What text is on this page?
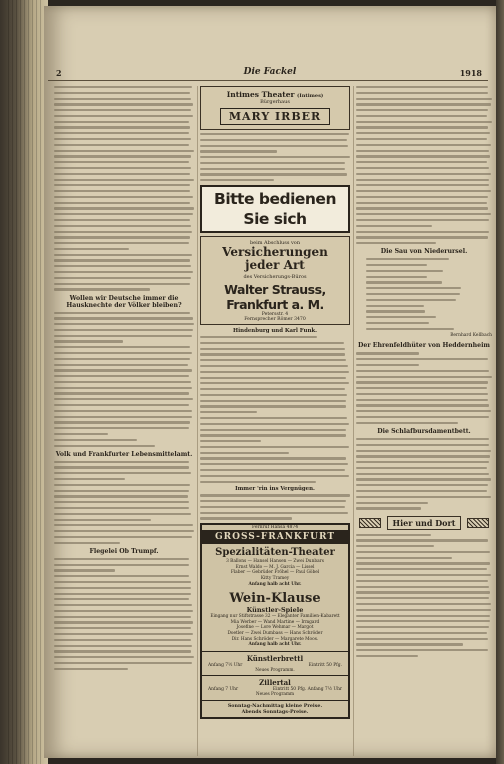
2	Die Fackel	1918
Wollen wir Deutsche immer die Hausknechte der Völker bleiben?
Volk und Frankfurter Lebensmittelamt.
Flegelei Ob Trumpf.
Intimes Theater (Intimes)
Bürgerhaus
MARY IRBER
Bitte bedienen Sie sich
beim Abschluss von
Versicherungen
jeder Art
des Versicherungs-Büros
Walter Strauss, Frankfurt a. M.
Petersstr. 4
Fernsprecher Römer 3470
Hindenburg und Karl Funk.
Immer 'rin ins Vergnügen.
Fernruf Hansa 4874
GROSS-FRANKFURT
Spezialitäten-Theater
3 Ballons — Hansel Hansen — Zwei Dunbars
Ernst Waldo — M. J. Garcia — Lissel
Flaber — Gebrüder Fröhel — Paul Göbel
Kitty Tramey
Anfang halb acht Uhr.
Wein-Klause
Künstler-Spiele
Eingang nur Stiftstrasse 32 — Eleganter Familien-Kabarett
Mia Werber — Wand Martine — Irmgard
Josefine — Lore Wehmar — Margot
Doetler — Zwei Dumbass — Hans Schröder
Dir. Hans Schröder — Margarete Moos.
Anfang halb acht Uhr.
Künstlerbrettl
Anfang 7½ Uhr	Eintritt 50 Pfg.
Neues Programm.
Zillertal
Anfang 7 Uhr	Eintritt 50 Pfg. Anfang 7½ Uhr
Neues Programm
Sonntag-Nachmittag kleine Preise.
Abends Sonntags-Preise.
Die Sau von Niederursel.
Bernhard Kellbach
Der Ehrenfeldhüter von Heddernheim
Die Schlafbursdamentbett.
Hier und Dort
